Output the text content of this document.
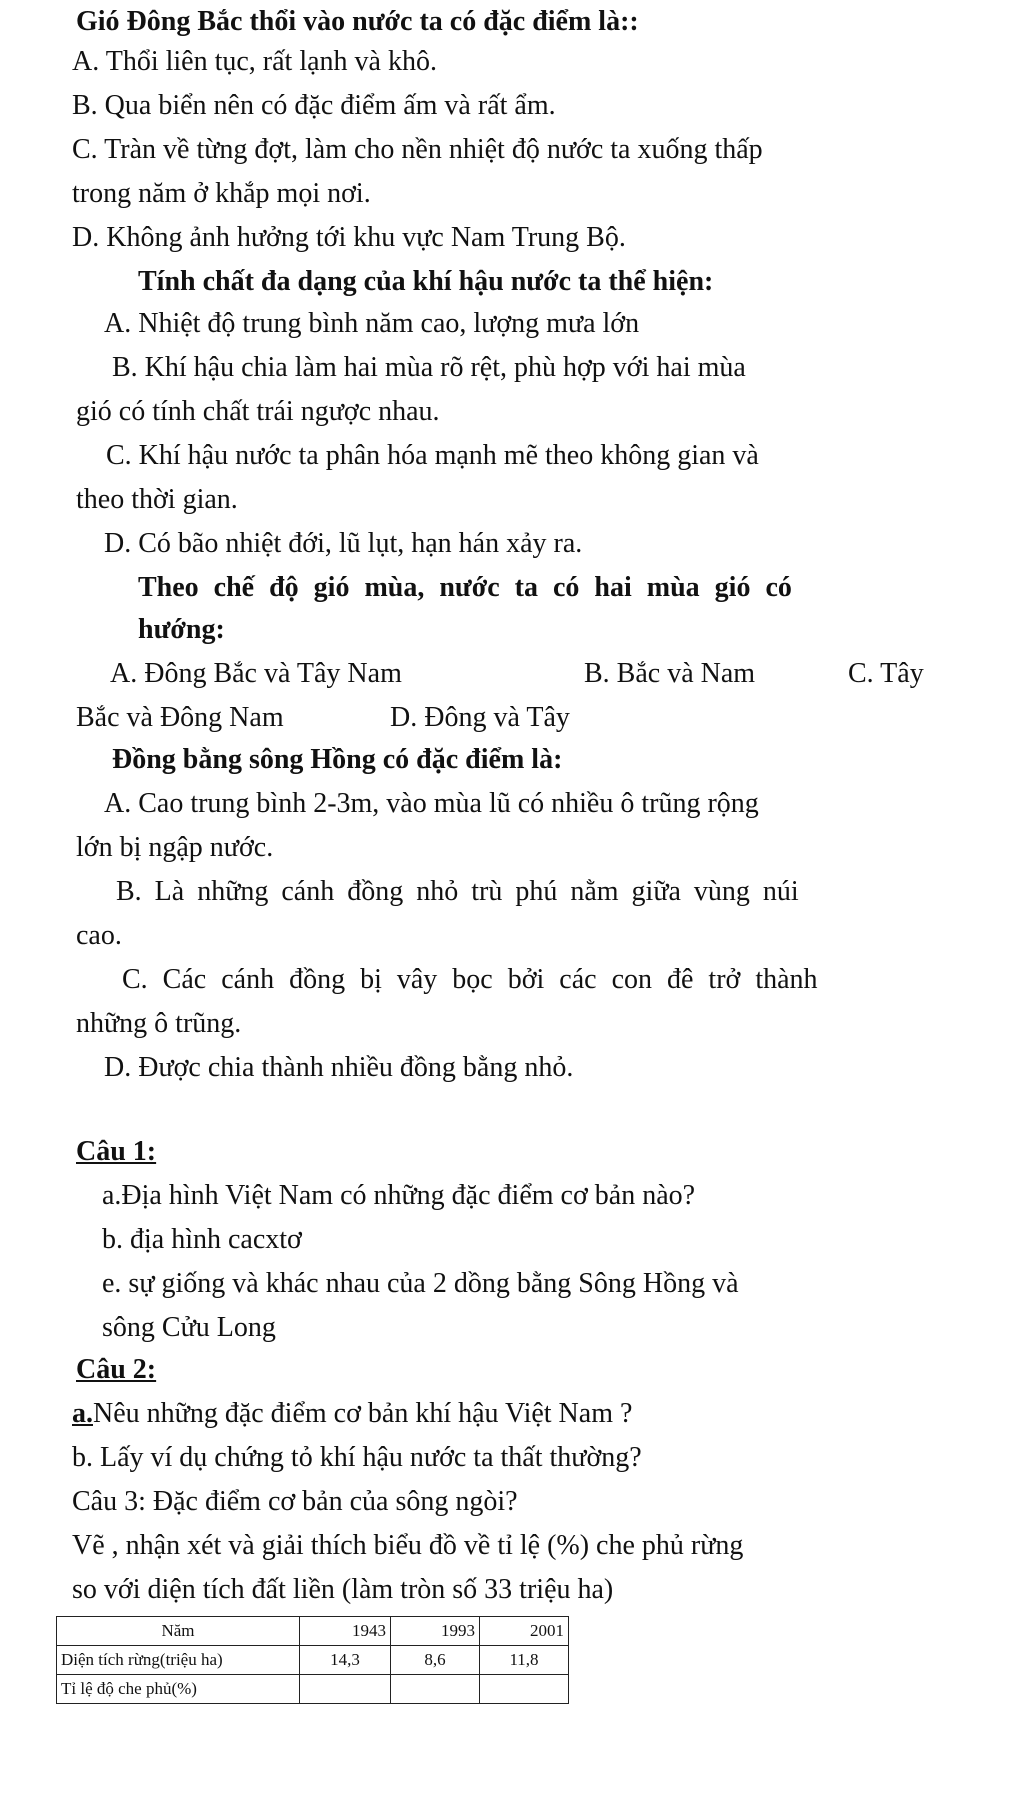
Gió Đông Bắc thổi vào nước ta có đặc điểm là::
A. Thổi liên tục, rất lạnh và khô.
B. Qua biển nên có đặc điểm ấm và rất ẩm.
C. Tràn về từng đợt, làm cho nền nhiệt độ nước ta xuống thấp
trong năm ở khắp mọi nơi.
D. Không ảnh hưởng tới khu vực Nam Trung Bộ.
Tính chất đa dạng của khí hậu nước ta thể hiện:
A. Nhiệt độ trung bình năm cao, lượng mưa lớn
B. Khí hậu chia làm hai mùa rõ rệt, phù hợp với hai mùa
gió có tính chất trái ngược nhau.
C. Khí hậu nước ta phân hóa mạnh mẽ theo không gian và
theo thời gian.
D. Có bão nhiệt đới, lũ lụt, hạn hán xảy ra.
Theo chế độ gió mùa, nước ta có hai mùa gió có
hướng:
A. Đông Bắc và Tây Nam	B. Bắc và Nam	C. Tây
Bắc và Đông Nam	D. Đông và Tây
Đồng bằng sông Hồng có đặc điểm là:
A. Cao trung bình 2-3m, vào mùa lũ có nhiều ô trũng rộng
lớn bị ngập nước.
B. Là những cánh đồng nhỏ trù phú nằm giữa vùng núi
cao.
C. Các cánh đồng bị vây bọc bởi các con đê trở thành
những ô trũng.
D. Được chia thành nhiều đồng bằng nhỏ.
Câu 1:
a.Địa hình Việt Nam có những đặc điểm cơ bản nào?
b. địa hình cacxtơ
e. sự giống và khác nhau của 2 dồng bằng Sông Hồng và
sông Cửu Long
Câu 2:
a.Nêu những đặc điểm cơ bản khí hậu Việt Nam ?
b. Lấy ví dụ chứng tỏ khí hậu nước ta thất thường?
Câu 3: Đặc điểm cơ bản của sông ngòi?
Vẽ , nhận xét và giải thích biểu đồ về tỉ lệ (%) che phủ rừng
so với diện tích đất liền (làm tròn số 33 triệu ha)
Năm	1943	1993	2001
Diện tích rừng(triệu ha)	14,3	8,6	11,8
Tỉ lệ độ che phủ(%)			
